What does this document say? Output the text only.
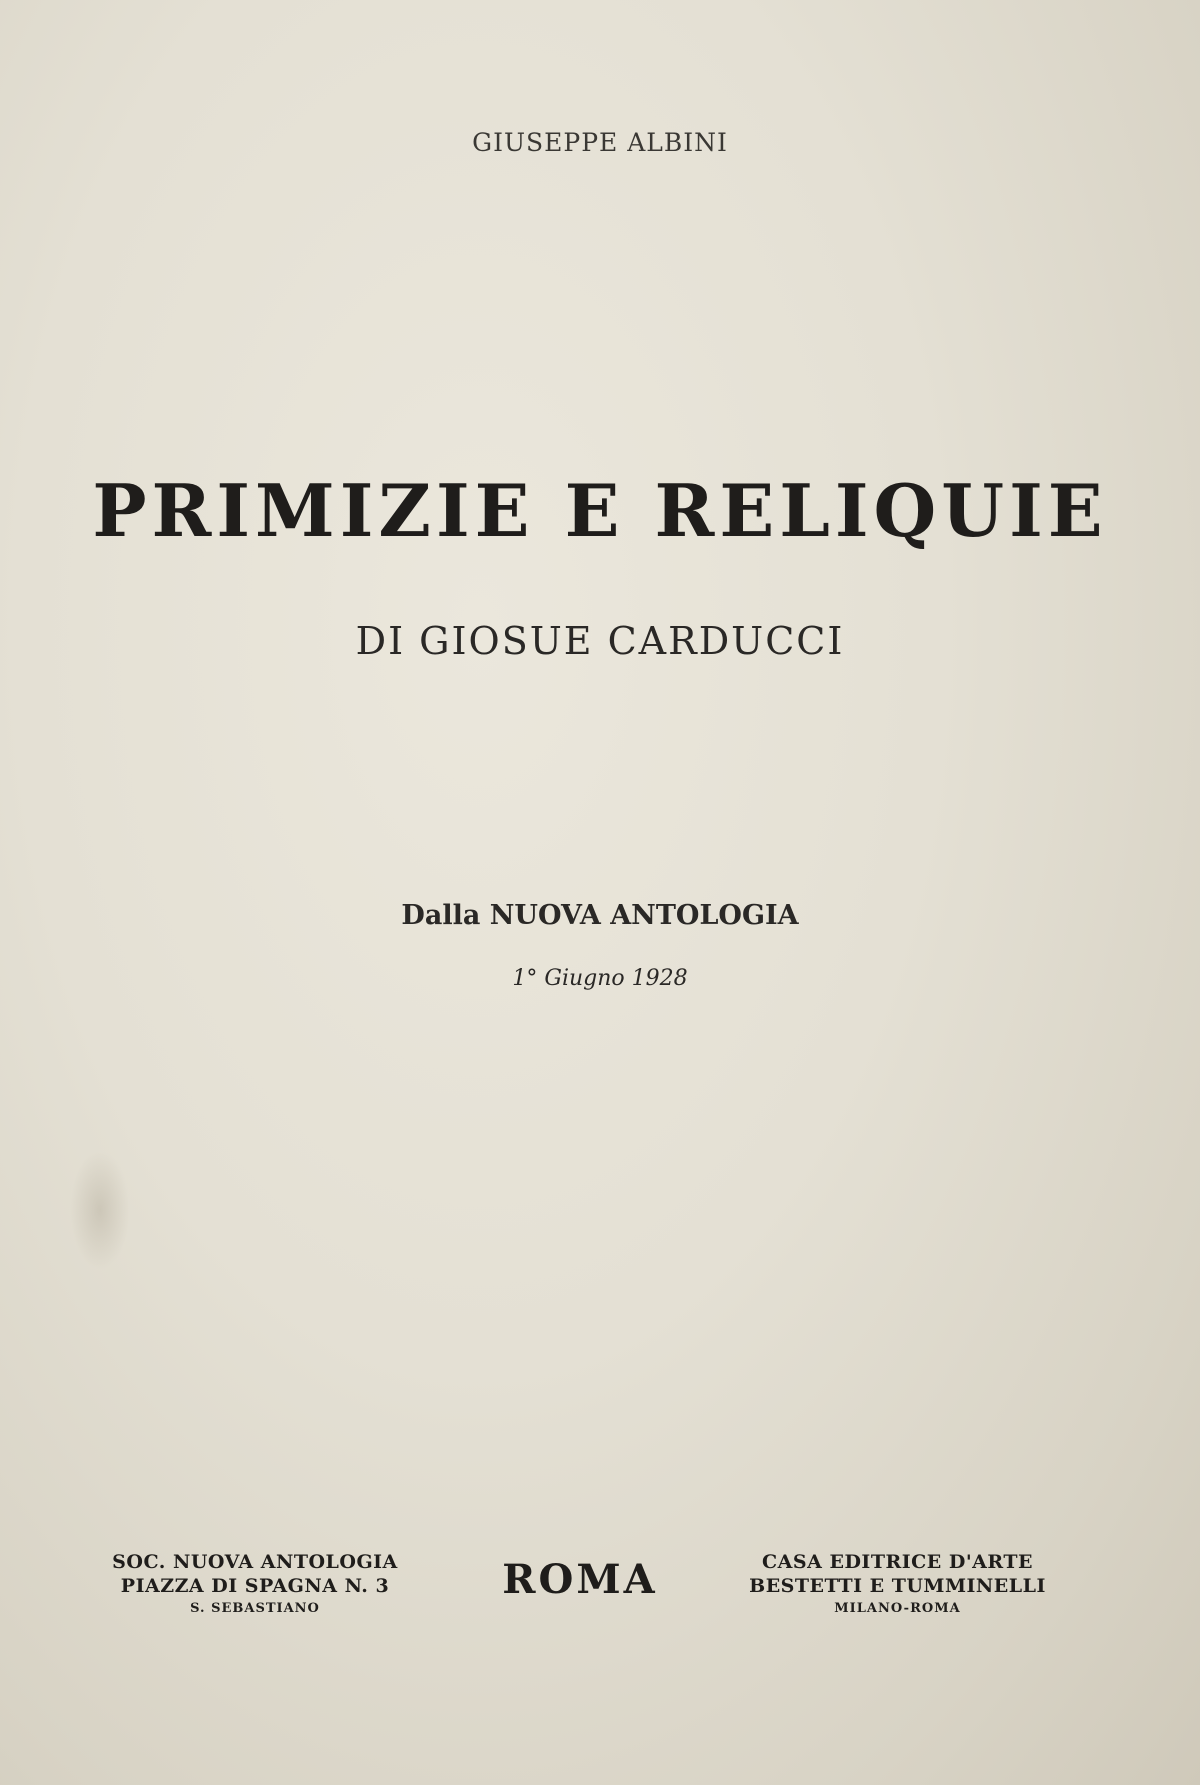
GIUSEPPE ALBINI
PRIMIZIE E RELIQUIE
DI GIOSUE CARDUCCI
Dalla NUOVA ANTOLOGIA
1° Giugno 1928
SOC. NUOVA ANTOLOGIA
PIAZZA DI SPAGNA N. 3
S. SEBASTIANO
ROMA	CASA EDITRICE D'ARTE
BESTETTI E TUMMINELLI
MILANO-ROMA
